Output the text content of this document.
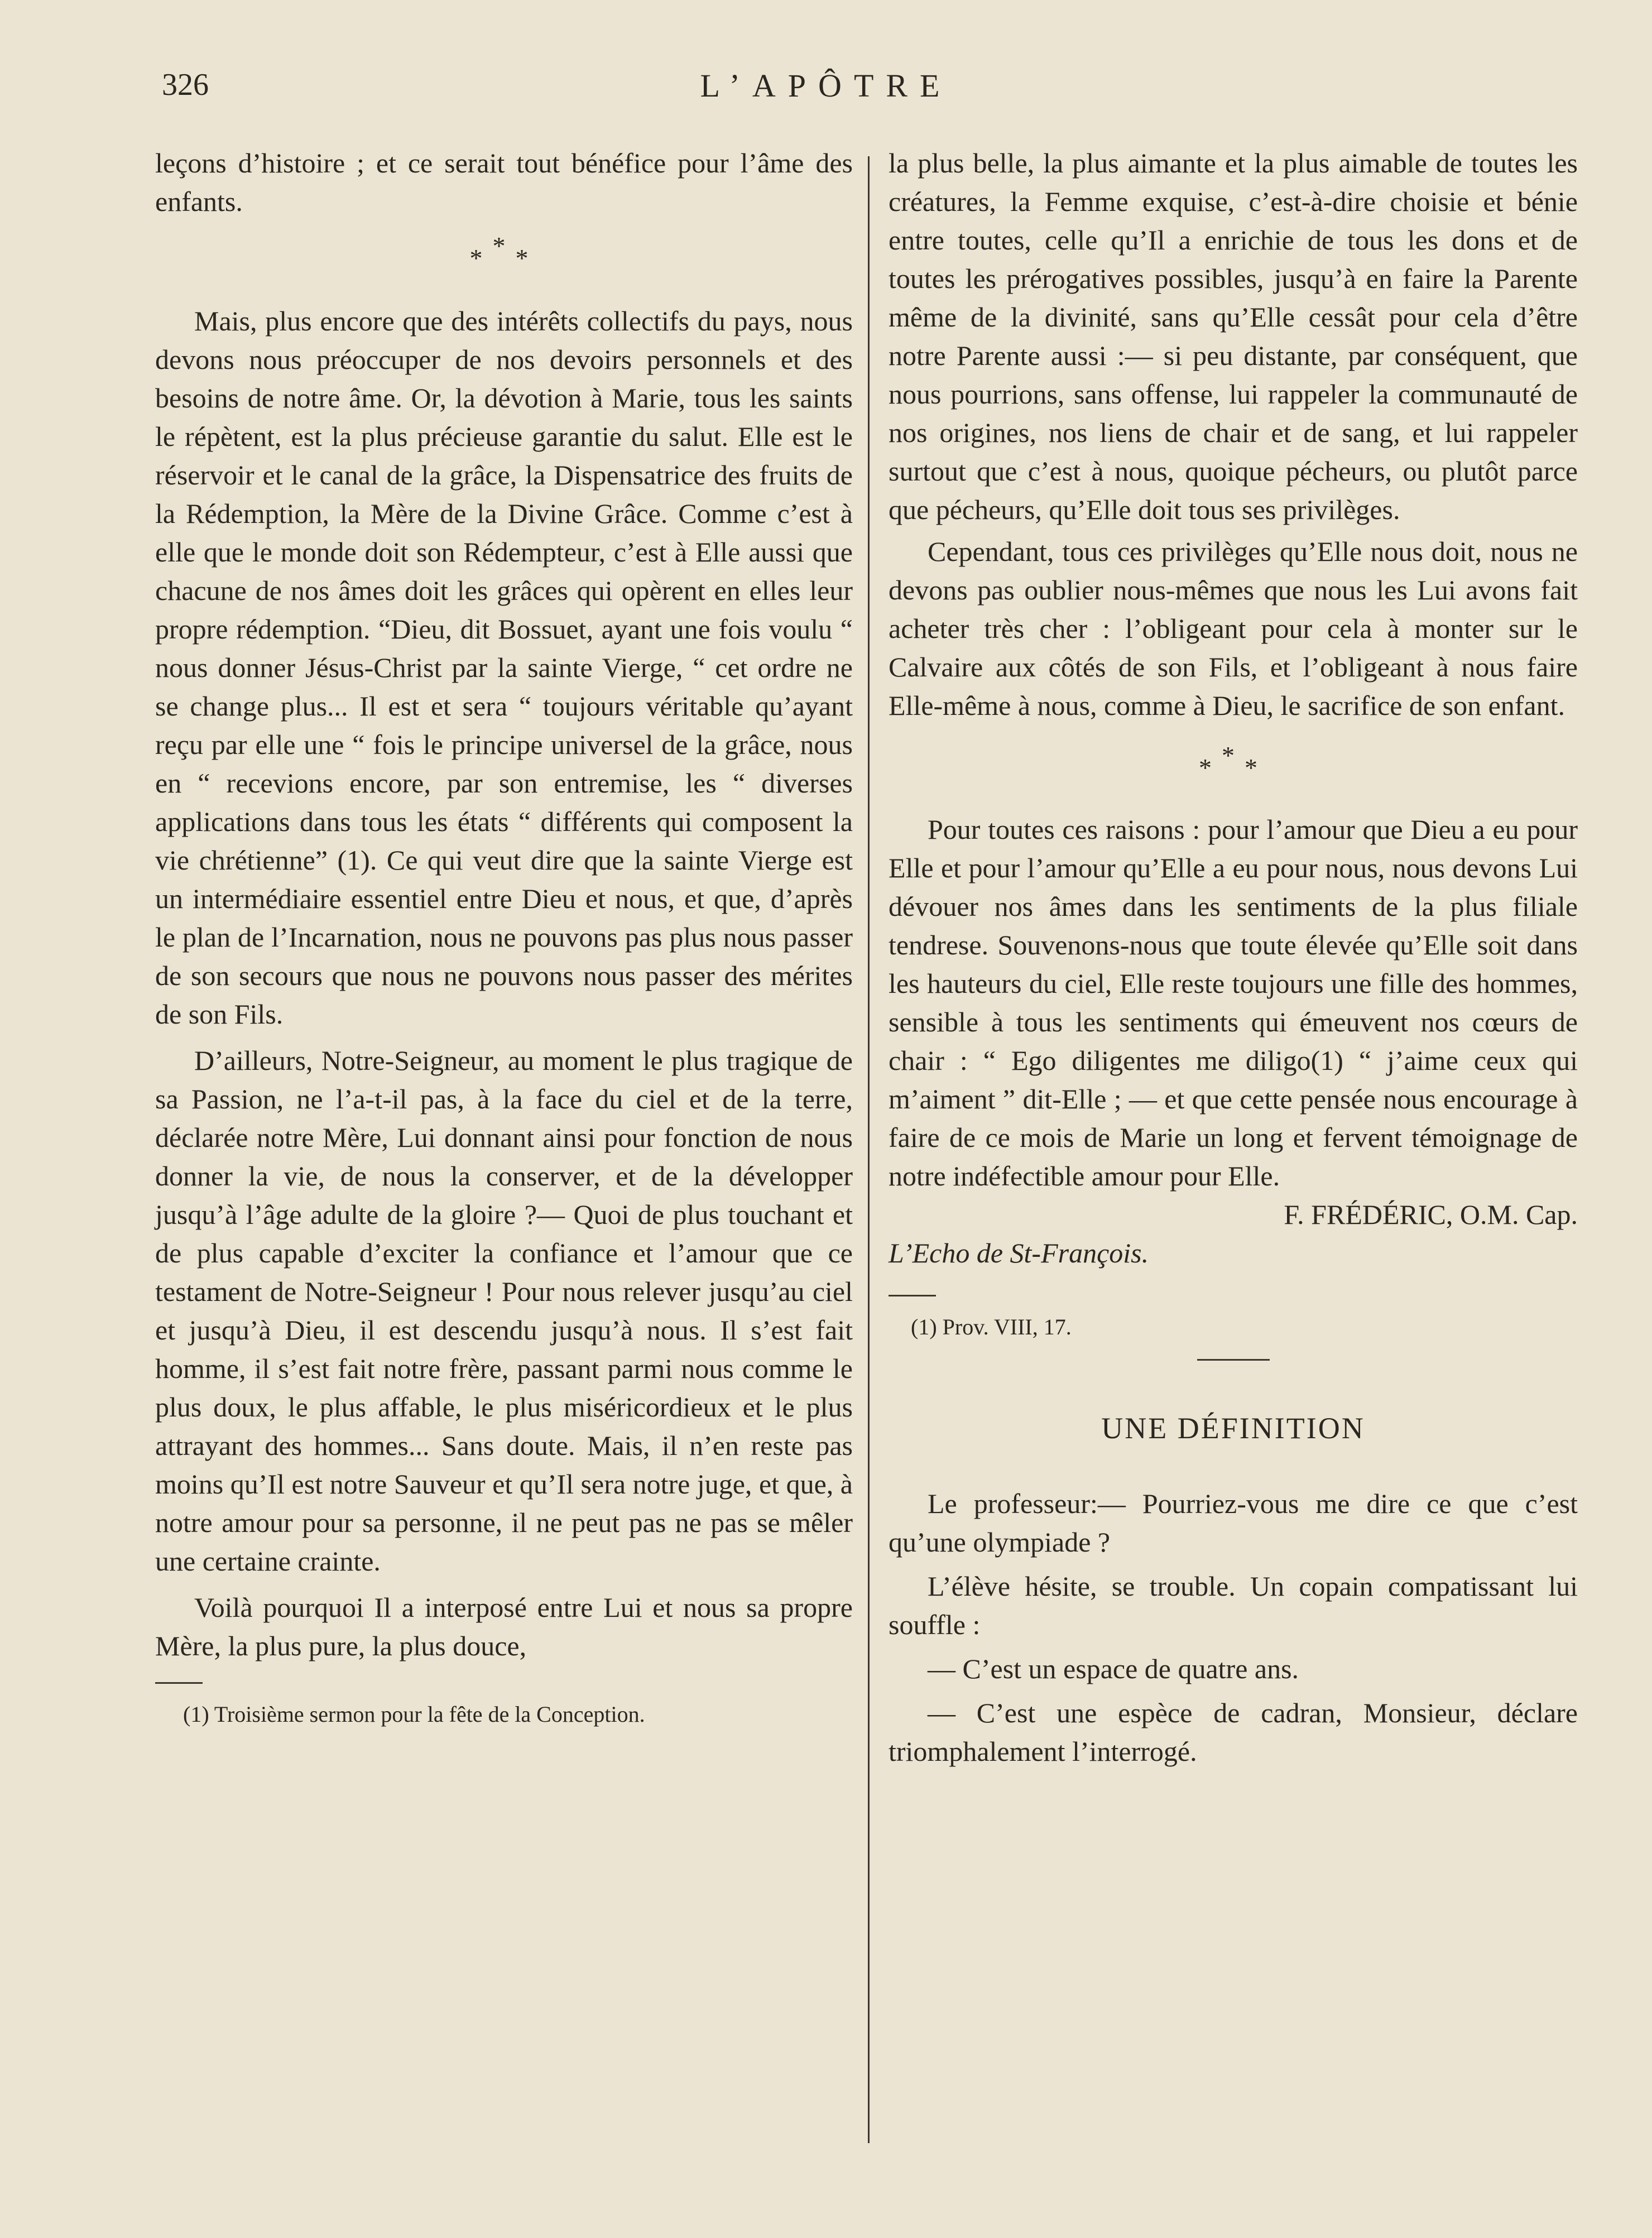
326	L’APÔTRE

leçons d’histoire ; et ce serait tout bénéfice pour l’âme des enfants.

***

Mais, plus encore que des intérêts collectifs du pays, nous devons nous préoccuper de nos devoirs personnels et des besoins de notre âme. Or, la dévotion à Marie, tous les saints le répètent, est la plus précieuse garantie du salut. Elle est le réservoir et le canal de la grâce, la Dispensatrice des fruits de la Rédemption, la Mère de la Divine Grâce. Comme c’est à elle que le monde doit son Rédempteur, c’est à Elle aussi que chacune de nos âmes doit les grâces qui opèrent en elles leur propre rédemption. “Dieu, dit Bossuet, ayant une fois voulu “ nous donner Jésus-Christ par la sainte Vierge, “ cet ordre ne se change plus... Il est et sera “ toujours véritable qu’ayant reçu par elle une “ fois le principe universel de la grâce, nous en “ recevions encore, par son entremise, les “ diverses applications dans tous les états “ différents qui composent la vie chrétienne” (1). Ce qui veut dire que la sainte Vierge est un intermédiaire essentiel entre Dieu et nous, et que, d’après le plan de l’Incarnation, nous ne pouvons pas plus nous passer de son secours que nous ne pouvons nous passer des mérites de son Fils.

D’ailleurs, Notre-Seigneur, au moment le plus tragique de sa Passion, ne l’a-t-il pas, à la face du ciel et de la terre, déclarée notre Mère, Lui donnant ainsi pour fonction de nous donner la vie, de nous la conserver, et de la développer jusqu’à l’âge adulte de la gloire ?— Quoi de plus touchant et de plus capable d’exciter la confiance et l’amour que ce testament de Notre-Seigneur ! Pour nous relever jusqu’au ciel et jusqu’à Dieu, il est descendu jusqu’à nous. Il s’est fait homme, il s’est fait notre frère, passant parmi nous comme le plus doux, le plus affable, le plus miséricordieux et le plus attrayant des hommes... Sans doute. Mais, il n’en reste pas moins qu’Il est notre Sauveur et qu’Il sera notre juge, et que, à notre amour pour sa personne, il ne peut pas ne pas se mêler une certaine crainte.

Voilà pourquoi Il a interposé entre Lui et nous sa propre Mère, la plus pure, la plus douce,

(1) Troisième sermon pour la fête de la Conception.

la plus belle, la plus aimante et la plus aimable de toutes les créatures, la Femme exquise, c’est-à-dire choisie et bénie entre toutes, celle qu’Il a enrichie de tous les dons et de toutes les prérogatives possibles, jusqu’à en faire la Parente même de la divinité, sans qu’Elle cessât pour cela d’être notre Parente aussi :— si peu distante, par conséquent, que nous pourrions, sans offense, lui rappeler la communauté de nos origines, nos liens de chair et de sang, et lui rappeler surtout que c’est à nous, quoique pécheurs, ou plutôt parce que pécheurs, qu’Elle doit tous ses privilèges.

Cependant, tous ces privilèges qu’Elle nous doit, nous ne devons pas oublier nous-mêmes que nous les Lui avons fait acheter très cher : l’obligeant pour cela à monter sur le Calvaire aux côtés de son Fils, et l’obligeant à nous faire Elle-même à nous, comme à Dieu, le sacrifice de son enfant.

***

Pour toutes ces raisons : pour l’amour que Dieu a eu pour Elle et pour l’amour qu’Elle a eu pour nous, nous devons Lui dévouer nos âmes dans les sentiments de la plus filiale tendrese. Souvenons-nous que toute élevée qu’Elle soit dans les hauteurs du ciel, Elle reste toujours une fille des hommes, sensible à tous les sentiments qui émeuvent nos cœurs de chair : “ Ego diligentes me diligo(1) “ j’aime ceux qui m’aiment ” dit-Elle ; — et que cette pensée nous encourage à faire de ce mois de Marie un long et fervent témoignage de notre indéfectible amour pour Elle.

F. FRÉDÉRIC, O.M. Cap.

L’Echo de St-François.

(1) Prov. VIII, 17.

UNE DÉFINITION

Le professeur:— Pourriez-vous me dire ce que c’est qu’une olympiade ?

L’élève hésite, se trouble. Un copain compatissant lui souffle :

— C’est un espace de quatre ans.

— C’est une espèce de cadran, Monsieur, déclare triomphalement l’interrogé.
